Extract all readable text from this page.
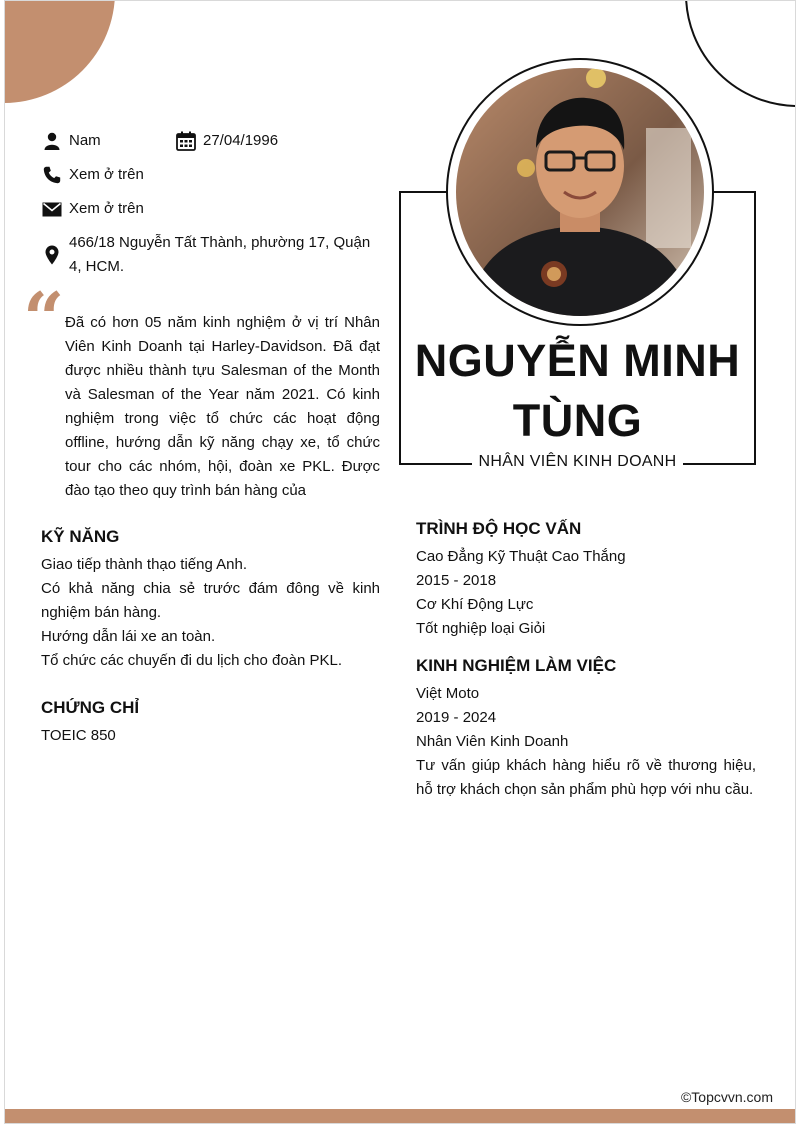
Nam	27/04/1996
Xem ở trên
Xem ở trên
466/18 Nguyễn Tất Thành, phường 17, Quận 4, HCM.
“ Đã có hơn 05 năm kinh nghiệm ở vị trí Nhân Viên Kinh Doanh tại Harley-Davidson. Đã đạt được nhiều thành tựu Salesman of the Month và Salesman of the Year năm 2021. Có kinh nghiệm trong việc tổ chức các hoạt động offline, hướng dẫn kỹ năng chạy xe, tổ chức tour cho các nhóm, hội, đoàn xe PKL. Được đào tạo theo quy trình bán hàng của
NGUYỄN MINH TÙNG
NHÂN VIÊN KINH DOANH
KỸ NĂNG
Giao tiếp thành thạo tiếng Anh.
Có khả năng chia sẻ trước đám đông về kinh nghiệm bán hàng.
Hướng dẫn lái xe an toàn.
Tổ chức các chuyến đi du lịch cho đoàn PKL.
CHỨNG CHỈ
TOEIC 850
TRÌNH ĐỘ HỌC VẤN
Cao Đẳng Kỹ Thuật Cao Thắng
2015 - 2018
Cơ Khí Động Lực
Tốt nghiệp loại Giỏi
KINH NGHIỆM LÀM VIỆC
Việt Moto
2019 - 2024
Nhân Viên Kinh Doanh
Tư vấn giúp khách hàng hiểu rõ về thương hiệu, hỗ trợ khách chọn sản phẩm phù hợp với nhu cầu.
©Topcvvn.com
